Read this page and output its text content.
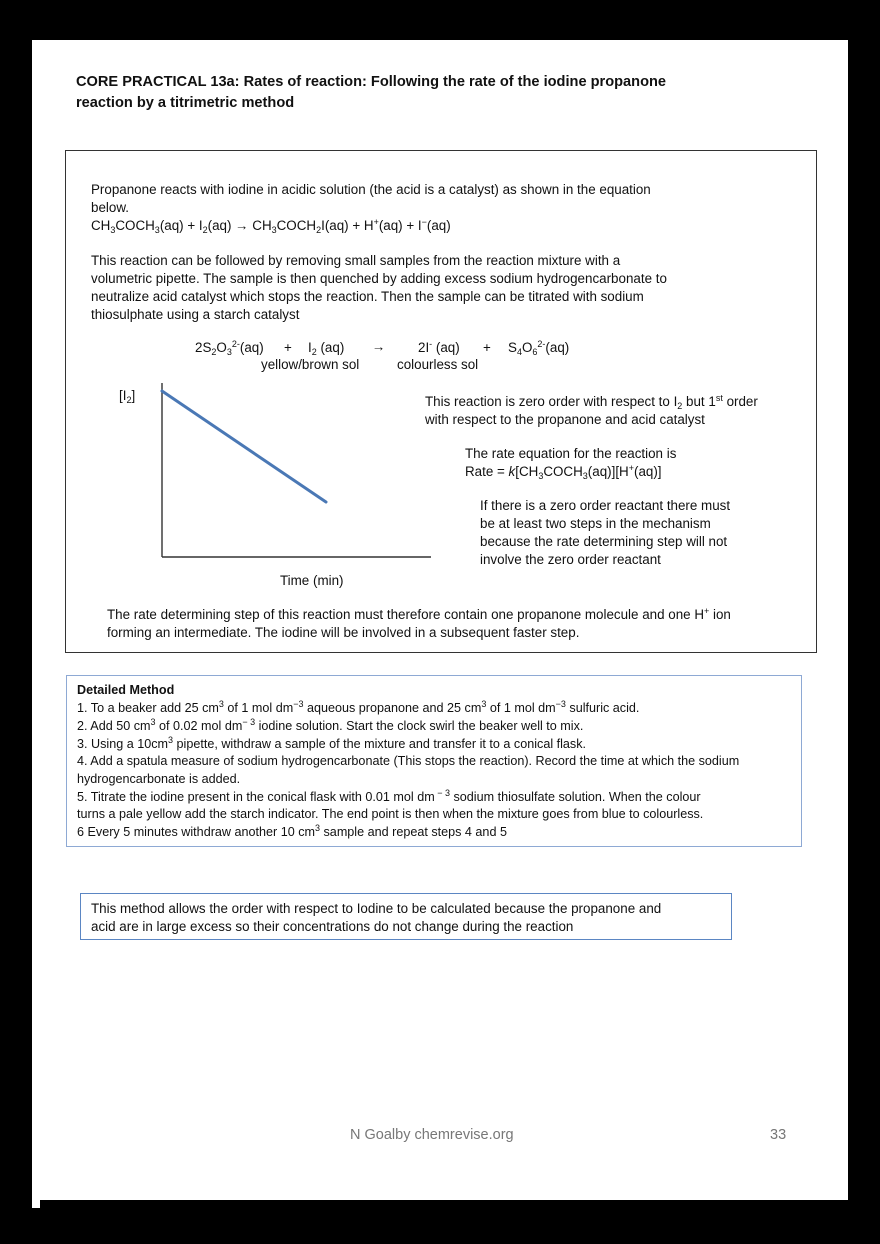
CORE PRACTICAL 13a: Rates of reaction: Following the rate of the iodine propanone
reaction by a titrimetric method
Propanone reacts with iodine in acidic solution (the acid is a catalyst) as shown in the equation
below.
$CH_3COCH_3(aq) + I_2(aq)$ → $CH_3COCH_2I(aq) + H^+(aq) + I^-(aq)$
This reaction can be followed by removing small samples from the reaction mixture with a
volumetric pipette. The sample is then quenched by adding excess sodium hydrogencarbonate to
neutralize acid catalyst which stops the reaction. Then the sample can be titrated with sodium
thiosulphate using a starch catalyst
$2S_2O_3^{2-}(aq) + I_2$ (aq) → 2I- $(aq) + S_4O_6^{2-}(aq)$
yellow/brown sol	colourless sol
$[I_2]$
Time (min)
This reaction is zero order with respect to $I_2$ but 1st order
with respect to the propanone and acid catalyst
The rate equation for the reaction is
Rate = $k[CH_3COCH_3(aq)][H^+(aq)]$
If there is a zero order reactant there must
be at least two steps in the mechanism
because the rate determining step will not
involve the zero order reactant
The rate determining step of this reaction must therefore contain one propanone molecule and one H+ ion
forming an intermediate. The iodine will be involved in a subsequent faster step.
Detailed Method
1. To a beaker add 25 $cm^3$ of 1 mol $dm^{-3}$ aqueous propanone and 25 $cm^3$ of 1 mol $dm^{-3}$ sulfuric acid.
2. Add 50 $cm^3$ of 0.02 mol $dm^{- 3}$ iodine solution. Start the clock swirl the beaker well to mix.
3. Using a $10cm^3$ pipette, withdraw a sample of the mixture and transfer it to a conical flask.
4. Add a spatula measure of sodium hydrogencarbonate (This stops the reaction). Record the time at which the sodium
hydrogencarbonate is added.
5. Titrate the iodine present in the conical flask with 0.01 mol dm $^{- 3}$ sodium thiosulfate solution. When the colour
turns a pale yellow add the starch indicator. The end point is then when the mixture goes from blue to colourless.
6 Every 5 minutes withdraw another 10 $cm^3$ sample and repeat steps 4 and 5
This method allows the order with respect to Iodine to be calculated because the propanone and
acid are in large excess so their concentrations do not change during the reaction
N Goalby chemrevise.org	33
